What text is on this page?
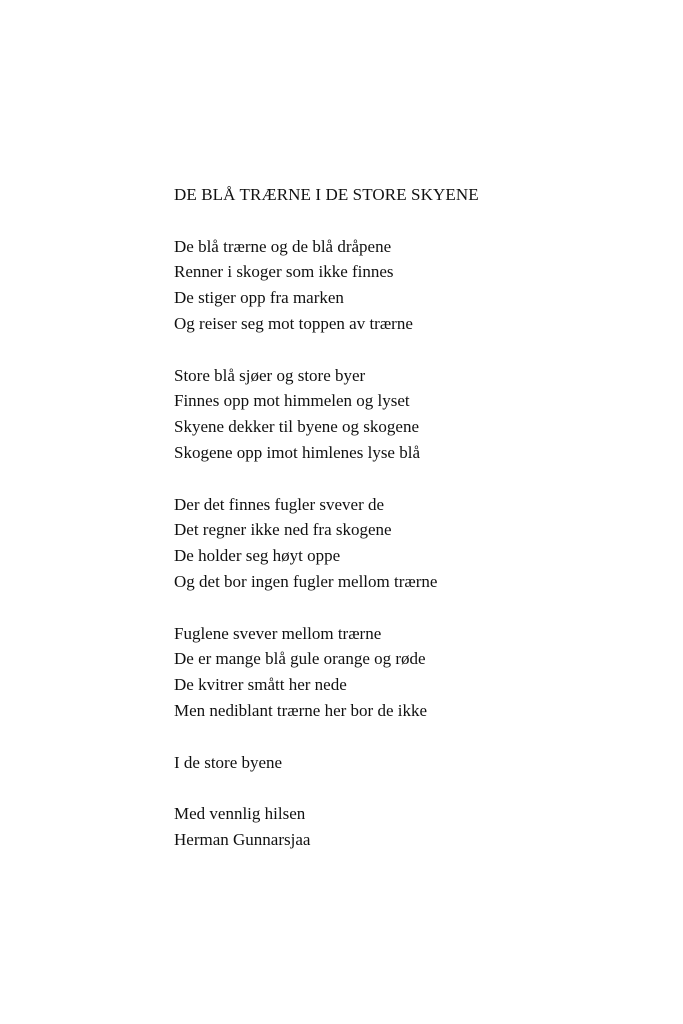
DE BLÅ TRÆRNE I DE STORE SKYENE
De blå trærne og de blå dråpene
Renner i skoger som ikke finnes
De stiger opp fra marken
Og reiser seg mot toppen av trærne
Store blå sjøer og store byer
Finnes opp mot himmelen og lyset
Skyene dekker til byene og skogene
Skogene opp imot himlenes lyse blå
Der det finnes fugler svever de
Det regner ikke ned fra skogene
De holder seg høyt oppe
Og det bor ingen fugler mellom trærne
Fuglene svever mellom trærne
De er mange blå gule orange og røde
De kvitrer smått her nede
Men nediblant trærne her bor de ikke
I de store byene
Med vennlig hilsen
Herman Gunnarsjaa
